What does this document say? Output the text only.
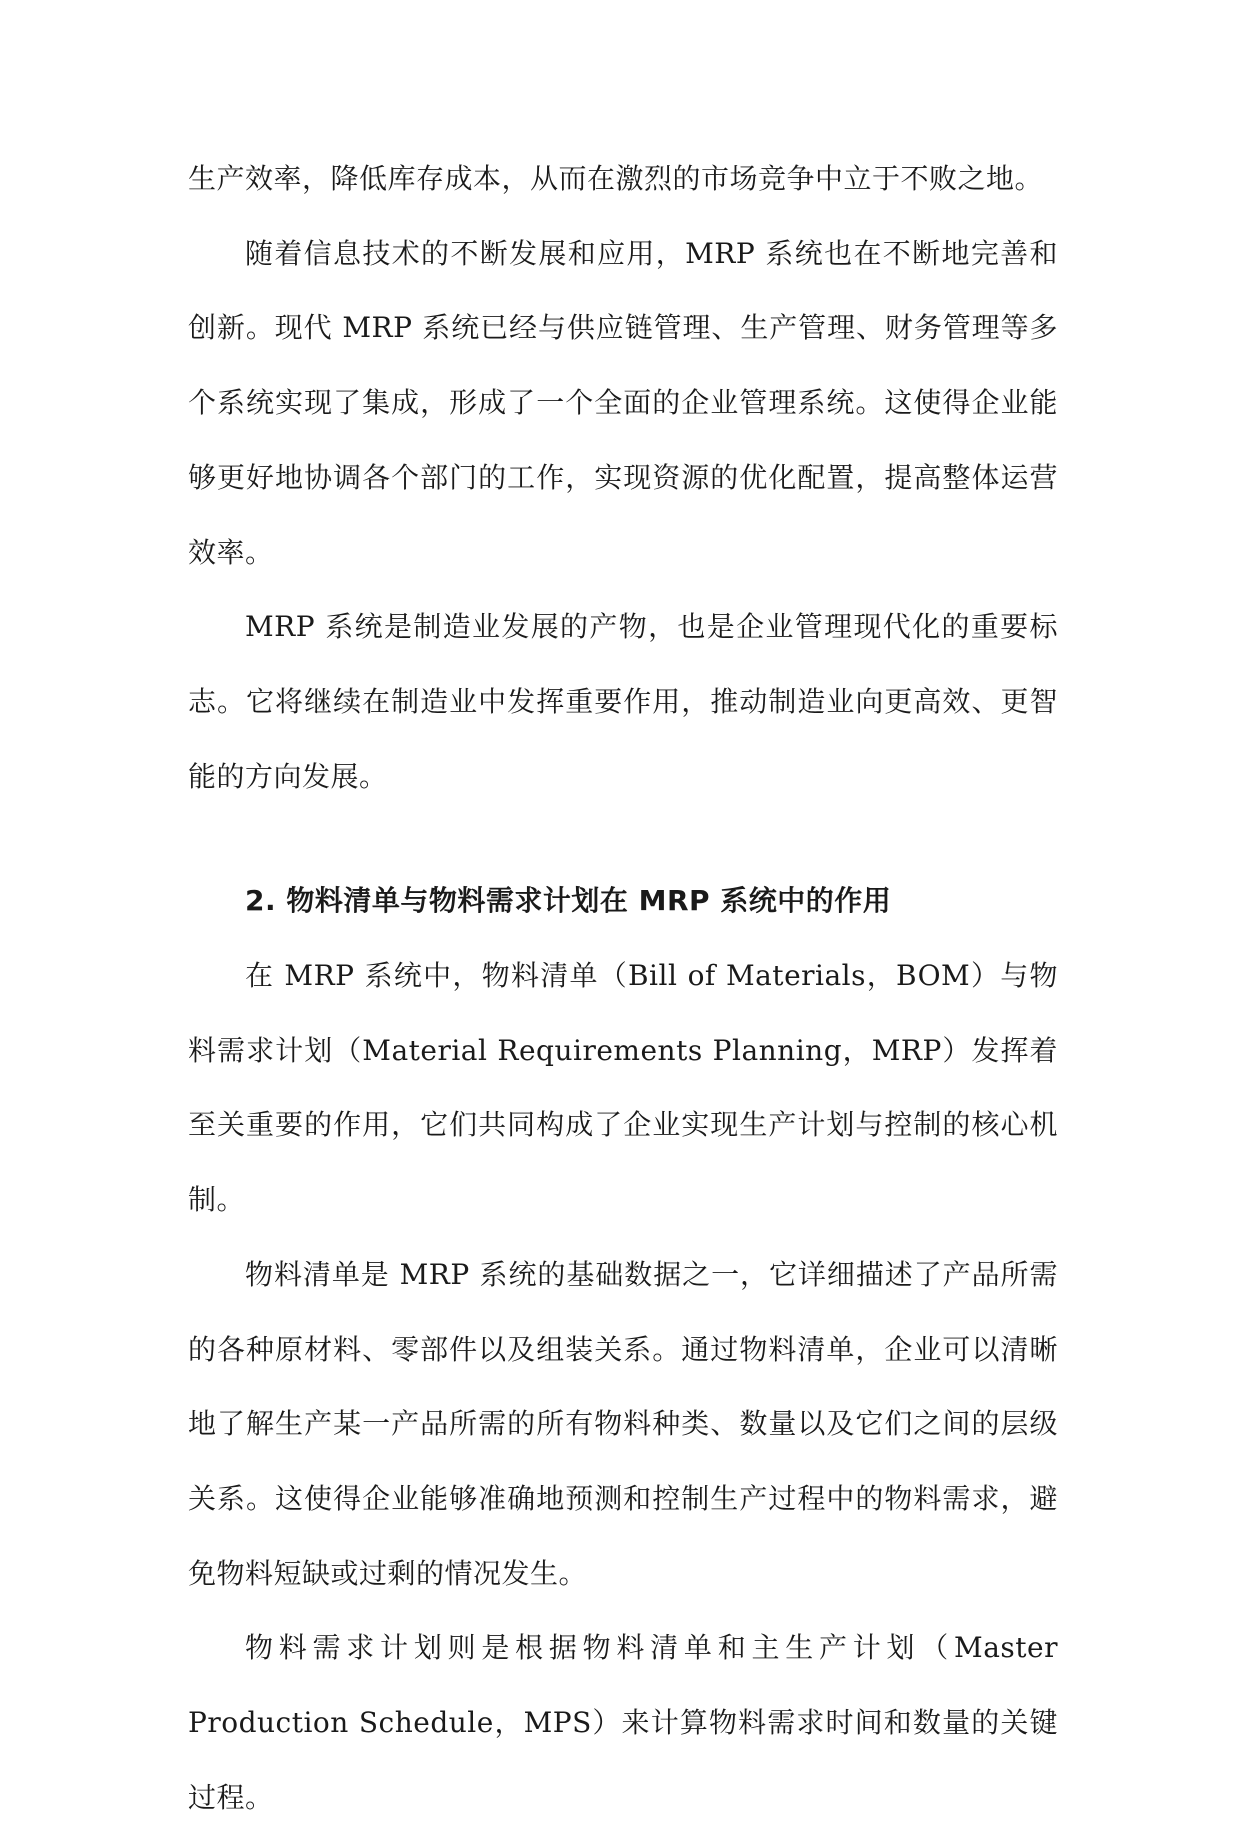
生产效率，降低库存成本，从而在激烈的市场竞争中立于不败之地。

随着信息技术的不断发展和应用，MRP 系统也在不断地完善和创新。现代 MRP 系统已经与供应链管理、生产管理、财务管理等多个系统实现了集成，形成了一个全面的企业管理系统。这使得企业能够更好地协调各个部门的工作，实现资源的优化配置，提高整体运营效率。

MRP 系统是制造业发展的产物，也是企业管理现代化的重要标志。它将继续在制造业中发挥重要作用，推动制造业向更高效、更智能的方向发展。

2. 物料清单与物料需求计划在 MRP 系统中的作用

在 MRP 系统中，物料清单（Bill of Materials，BOM）与物料需求计划（Material Requirements Planning，MRP）发挥着至关重要的作用，它们共同构成了企业实现生产计划与控制的核心机制。

物料清单是 MRP 系统的基础数据之一，它详细描述了产品所需的各种原材料、零部件以及组装关系。通过物料清单，企业可以清晰地了解生产某一产品所需的所有物料种类、数量以及它们之间的层级关系。这使得企业能够准确地预测和控制生产过程中的物料需求，避免物料短缺或过剩的情况发生。

物料需求计划则是根据物料清单和主生产计划（Master Production Schedule，MPS）来计算物料需求时间和数量的关键过程。
